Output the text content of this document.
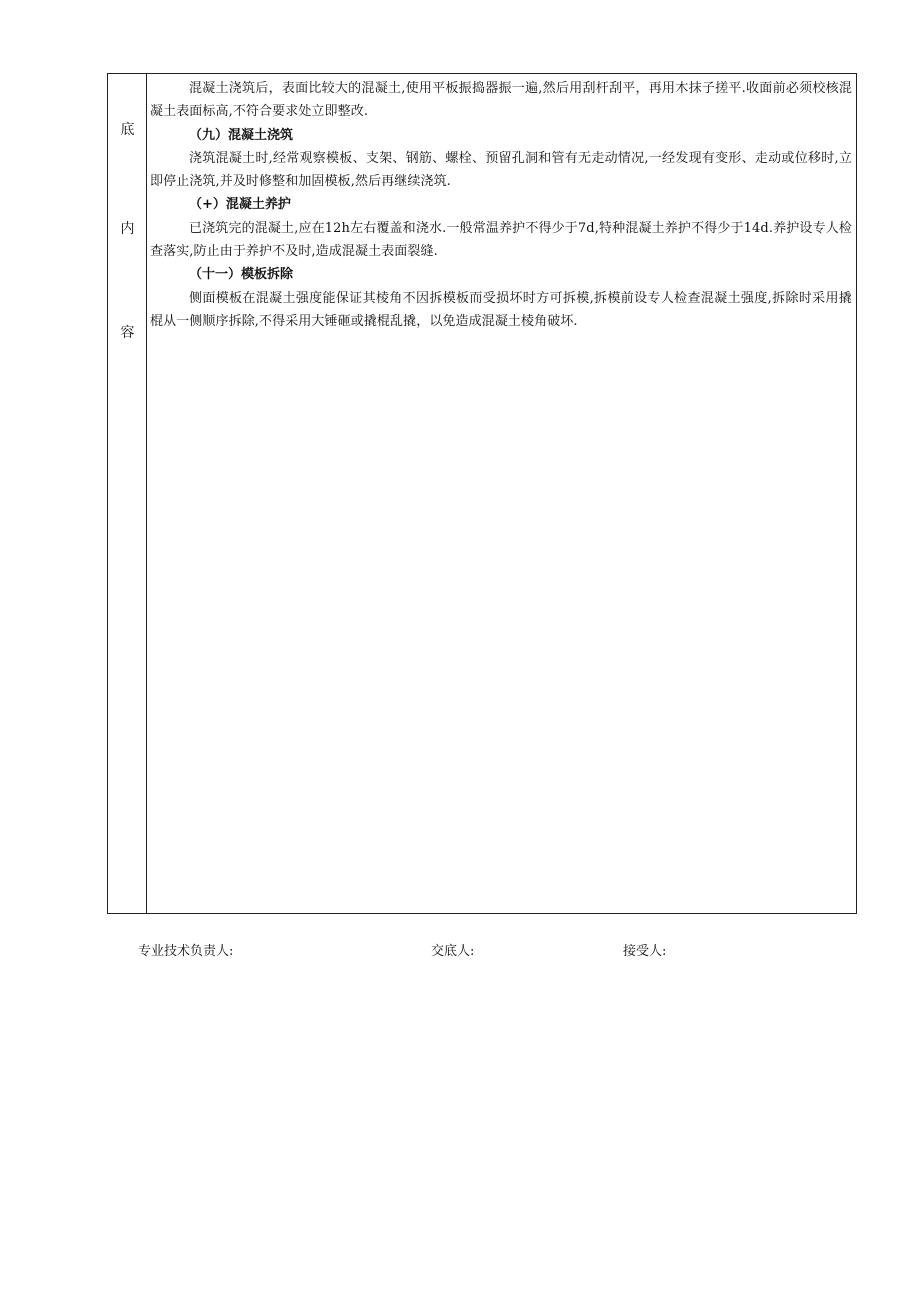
底
内
容

混凝土浇筑后，表面比较大的混凝土,使用平板振捣器振一遍,然后用刮杆刮平，再用木抹子搓平.收面前必须校核混凝土表面标高,不符合要求处立即整改.

（九）混凝土浇筑

浇筑混凝土时,经常观察模板、支架、钢筋、螺栓、预留孔洞和管有无走动情况,一经发现有变形、走动或位移时,立即停止浇筑,并及时修整和加固模板,然后再继续浇筑.

（+）混凝土养护

已浇筑完的混凝土,应在12h左右覆盖和浇水.一般常温养护不得少于7d,特种混凝土养护不得少于14d.养护设专人检查落实,防止由于养护不及时,造成混凝土表面裂缝.

（十一）模板拆除

侧面模板在混凝土强度能保证其棱角不因拆模板而受损坏时方可拆模,拆模前设专人检查混凝土强度,拆除时采用撬棍从一侧顺序拆除,不得采用大锤砸或撬棍乱撬，以免造成混凝土棱角破坏.

专业技术负责人:	交底人:	接受人:
